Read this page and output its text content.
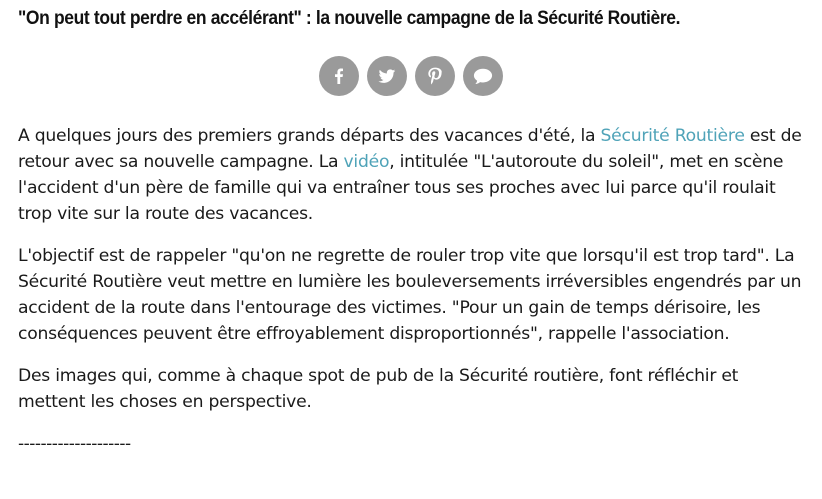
"On peut tout perdre en accélérant" : la nouvelle campagne de la Sécurité Routière.

A quelques jours des premiers grands départs des vacances d'été, la Sécurité Routière est de retour avec sa nouvelle campagne. La vidéo, intitulée "L'autoroute du soleil", met en scène l'accident d'un père de famille qui va entraîner tous ses proches avec lui parce qu'il roulait trop vite sur la route des vacances.

L'objectif est de rappeler "qu'on ne regrette de rouler trop vite que lorsqu'il est trop tard". La Sécurité Routière veut mettre en lumière les bouleversements irréversibles engendrés par un accident de la route dans l'entourage des victimes. "Pour un gain de temps dérisoire, les conséquences peuvent être effroyablement disproportionnés", rappelle l'association.

Des images qui, comme à chaque spot de pub de la Sécurité routière, font réfléchir et mettent les choses en perspective.

--------------------
